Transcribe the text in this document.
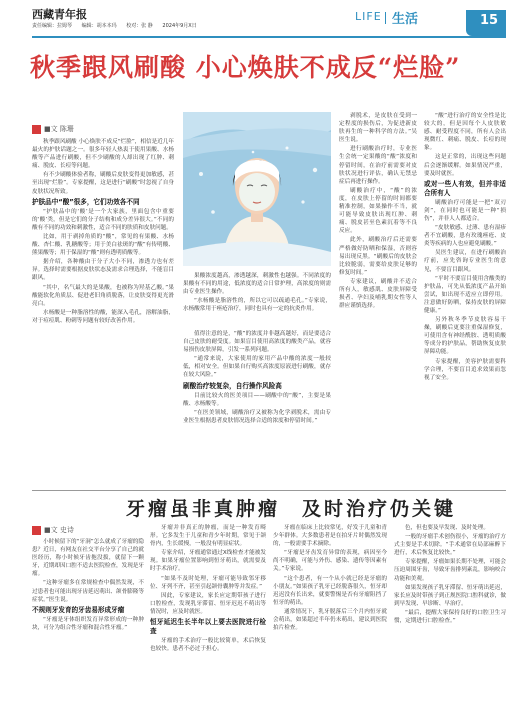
西藏青年报
责任编辑：拉姆琴 编辑：胡本本玛 校对：张 静 2024年9月X日
LIFE 生活	15
秋季跟风刷酸 小心焕肤不成反“烂脸”
■文 陈珊

秋季跟风刷酸 小心焕肤不成反“烂脸”，相信是近几年最火的护肤话题之一。很多年轻人热衷于使用果酸、水杨酸等产品进行刷酸，但不少刷酸的人却出现了红肿、刺痛、脱皮、长痘等问题。

有不少刷酸体验者称，刷酸后皮肤变得更加敏感，甚至出现“烂脸”。专家提醒，这是进行“刷酸”时忽视了自身皮肤状况所致。

护肤品中“酸”很多，它们功效各不同

“护肤品中的‘酸’是一个大家族，里面包含中重要的‘酸’类，但是它们的分子结构和成分差异很大。”不同的酸有不同的功效和刺激性，适合不同的肤质和皮肤问题。

比如，用于剥掉角质的“酸”，常见的有果酸、水杨酸、杏仁酸、乳糖酸等；用于美白祛斑的“酸”有传明酸、熊果酸等；用于保湿的“酸”则有透明质酸等。

据介绍，各种酸由于分子大小不同，渗透力也有差异。选择时需要根据皮肤状态及需求合理选择，不能盲目跟风。

“其中，名气最大的是果酸，也被称为羟基乙酸。”果酸能软化角质层、促进老旧角质脱落，让皮肤变得更光滑亮白。

水杨酸是一种脂溶性的酸，能深入毛孔，溶解油脂，对于痘痘肌、粉刺等问题有较好改善作用。

果酸浓度越高，渗透越深，刺激性也越强。不同浓度的果酸有不同的用途，低浓度的适合日常护理，高浓度的则需由专业医生操作。

“水杨酸是脂溶性的，所以它可以疏通毛孔。”专家说，水杨酸常用于痤疮治疗，同时也具有一定的抗炎作用。

值得注意的是，“酸”的浓度并非越高越好，而是要适合自己皮肤的耐受度。如果盲目使用高浓度的酸类产品，就容易损伤皮肤屏障，引发一系列问题。

“通常来说，大家使用的家用产品中酸的浓度一般较低，相对安全。但如果自行购买高浓度原液进行刷酸，就存在较大风险。”

刷酸治疗较复杂，自行操作风险高

目前比较火的医美项目——刷酸中的“酸”，主要是果酸、水杨酸等。

“在医美领域，刷酸治疗又被称为化学剥脱术，需由专业医生根据患者皮肤情况选择合适的浓度和停留时间。”

剥脱术，是皮肤在受到一定程度的损伤后，为促进新皮肤再生的一种科学的方法。”吴医生说。

进行刷酸治疗时，专业医生会统一定果酸的“酸”浓度和停留时间，在治疗前需要对皮肤状况进行评估，确认无禁忌症后再进行操作。

刷酸治疗中，“酸”的浓度，在皮肤上停留的时间都要精准控制，如果操作不当，就可能导致皮肤出现红肿、刺痛、脱皮甚至色素沉着等不良反应。

此外，刷酸治疗后还需要严格做好防晒和保湿，否则容易出现反黑。“刷酸后的皮肤会比较脆弱，需要给皮肤足够的修复时间。”

专家建议，刷酸并不适合所有人，敏感肌、皮肤屏障受损者、孕妇及哺乳期女性等人群应谨慎选择。

“酸”进行治疗的安全性是比较大的，但是因每个人皮肤敏感、耐受程度不同，所有人会出现微红、刺痛、脱皮、长痘的现象。

这是正常的，出现这些问题后会逐渐缓解。如果情况严重，要及时就医。

或对一些人有效，但并非适合所有人

刷酸治疗可能是一把“双刃剑”，在同时也可能是一种“损伤”，并非人人都适合。

“皮肤敏感、过薄、患有湿疹者不宜刷酸，患有玫瑰痤疮、皮炎等疾病的人也应避免刷酸。”

吴医生建议，在进行刷酸治疗前，应先咨询专业医生的意见，不要盲目跟风。

“平时不要盲目使用含酸类的护肤品，可先从低浓度产品开始尝试，如出现不适应立即停用。注意做好防晒，保持皮肤的屏障健康。”

另外秋冬季节皮肤容易干燥，刷酸后更要注重保湿修复，可使用含有神经酰胺、透明质酸等成分的护肤品，帮助恢复皮肤屏障功能。

专家提醒，美容护肤需要科学合理，不要盲目追求效果而忽视了安全。

牙瘤虽非真肿瘤　及时治疗仍关键
■文 史诗

小时候留下的“牙洞”怎么就成了牙瘤的隐患？近日，有网友在社交平台分享了自己的就医经历，称小时候牙齿拖没拔，就留下一颗牙，近期却因口腔不适去医院检查，发现是牙瘤。

“这种牙瘤多在常规检查中偶然发现，不过患者也可能出现牙齿延迟萌出、颌骨膨隆等症状。”医生说。

不规则牙发育的牙齿易形成牙瘤

“牙瘤是牙体组织发育异常形成的一种肿块，可分为组合性牙瘤和混合性牙瘤。”

牙瘤并非真正的肿瘤，而是一种发育畸形。它多发生于儿童和青少年时期，常见于颌骨内，生长缓慢，一般没有明显症状。

专家介绍，牙瘤通常通过X线检查才能被发现。如果牙瘤位置影响到恒牙萌出，就需要及时手术治疗。

“如果不及时处理，牙瘤可能导致邻牙移位、牙列不齐，甚至引起颌骨囊肿等并发症。”

因此，专家建议，家长应定期带孩子进行口腔检查，发现乳牙滞留、恒牙迟迟不萌出等情况时，应及时就医。

恒牙延迟生长半年以上要去医院进行检查

牙瘤的手术治疗一般比较简单，术后恢复也较快。患者不必过于担心。

牙瘤在临床上比较常见，好发于儿童和青少年群体。大多数患者是在拍牙片时偶然发现的，一般需要手术摘除。

“牙瘤是牙齿发育异常的表现，病因至今尚不明确，可能与外伤、感染、遗传等因素有关。”专家说。

“这个患者，有一个从小就已经是牙瘤的小朋友。”如果孩子乳牙已经脱落很久，恒牙却迟迟没有长出来，就要警惕是否有牙瘤阻挡了恒牙的萌出。

通常情况下，乳牙脱落后三个月内恒牙就会萌出，如果超过半年仍未萌出，建议到医院拍片检查。

色，但也要及早发现、及时处理。

一般的牙瘤手术创伤很小，牙瘤的治疗方式主要是手术切除。“手术通常在局部麻醉下进行，术后恢复比较快。”

专家提醒，牙瘤如果长期不处理，可能会压迫周围牙齿，导致牙齿排列紊乱，影响咬合功能和美观。

如果发现孩子乳牙滞留、恒牙萌出延迟，家长应及时带孩子到正规医院口腔科就诊，做到早发现、早诊断、早治疗。

“最后，提醒大家保持良好的口腔卫生习惯，定期进行口腔检查。”
